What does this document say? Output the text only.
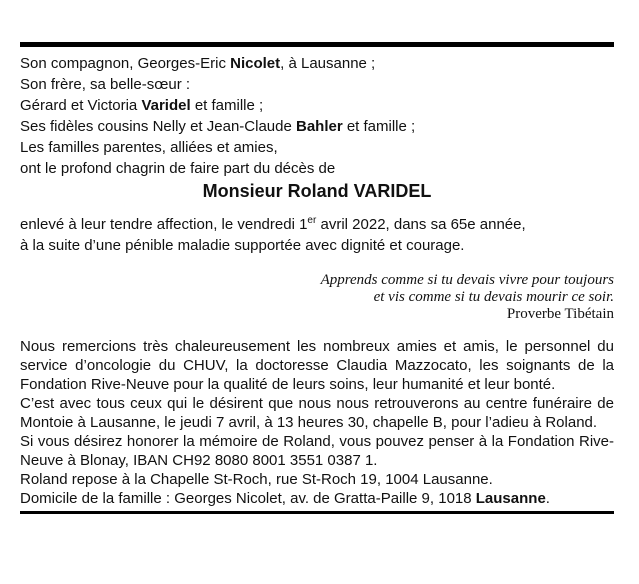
Son compagnon, Georges-Eric Nicolet, à Lausanne ;
Son frère, sa belle-sœur :
Gérard et Victoria Varidel et famille ;
Ses fidèles cousins Nelly et Jean-Claude Bahler et famille ;
Les familles parentes, alliées et amies,
ont le profond chagrin de faire part du décès de
Monsieur Roland VARIDEL
enlevé à leur tendre affection, le vendredi 1er avril 2022, dans sa 65e année,
à la suite d’une pénible maladie supportée avec dignité et courage.
Apprends comme si tu devais vivre pour toujours
et vis comme si tu devais mourir ce soir.
Proverbe Tibétain
Nous remercions très chaleureusement les nombreux amies et amis, le personnel du service d’oncologie du CHUV, la doctoresse Claudia Mazzocato, les soignants de la Fondation Rive-Neuve pour la qualité de leurs soins, leur humanité et leur bonté.
C’est avec tous ceux qui le désirent que nous nous retrouverons au centre funéraire de Montoie à Lausanne, le jeudi 7 avril, à 13 heures 30, chapelle B, pour l’adieu à Roland.
Si vous désirez honorer la mémoire de Roland, vous pouvez penser à la Fondation Rive-Neuve à Blonay, IBAN CH92 8080 8001 3551 0387 1.
Roland repose à la Chapelle St-Roch, rue St-Roch 19, 1004 Lausanne.
Domicile de la famille : Georges Nicolet, av. de Gratta-Paille 9, 1018 Lausanne.
